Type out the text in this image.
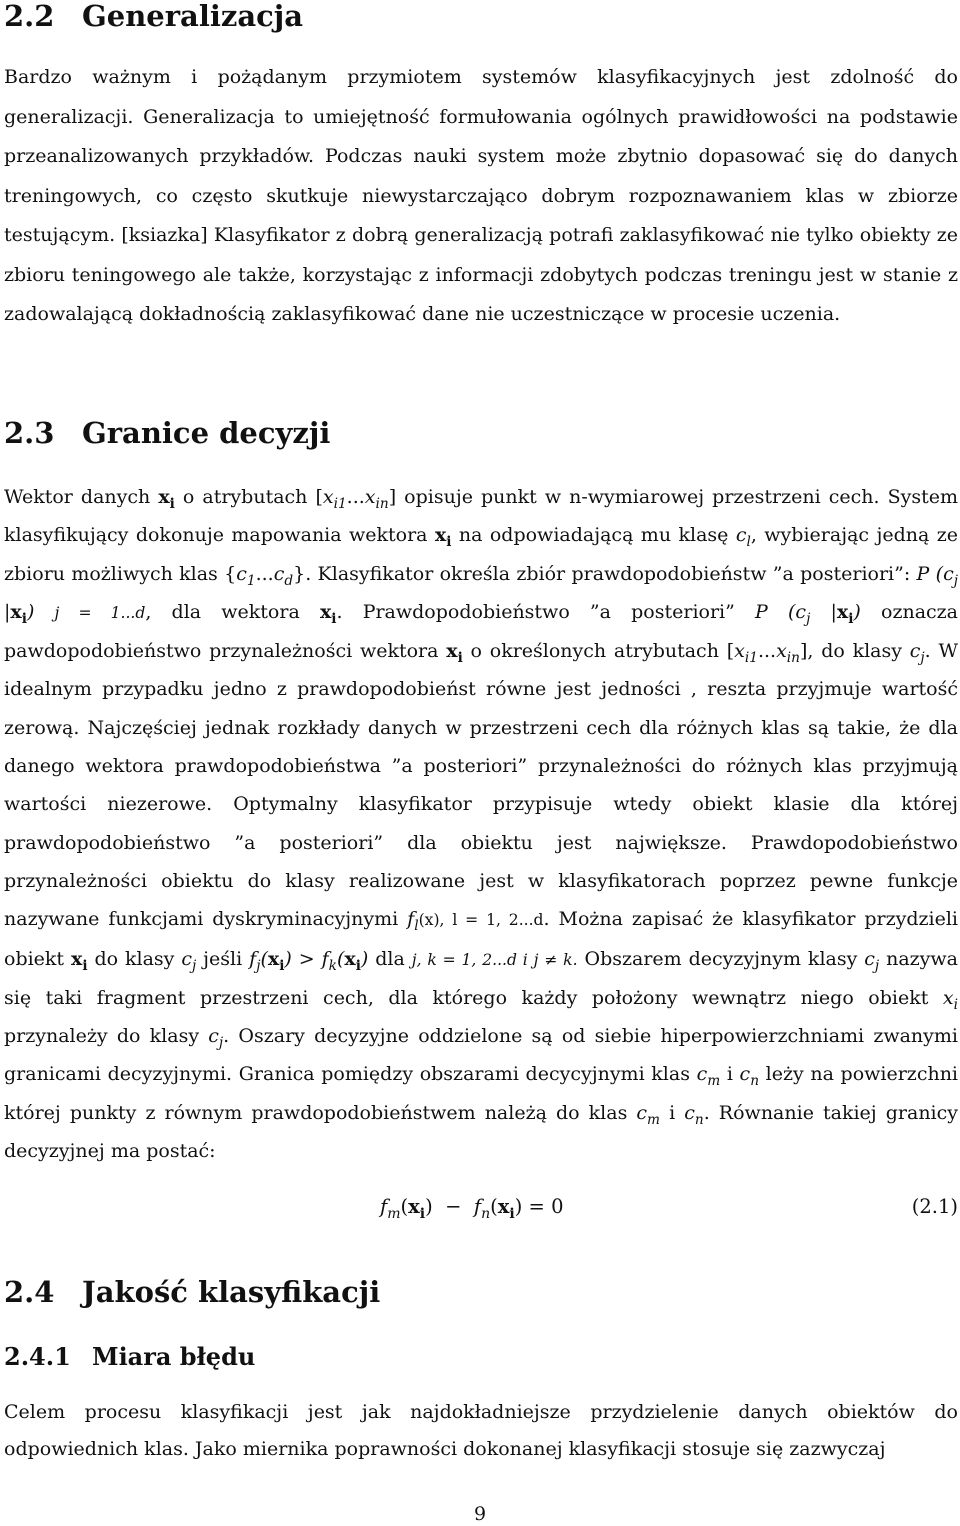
2.2 Generalizacja

Bardzo ważnym i pożądanym przymiotem systemów klasyfikacyjnych jest zdolność do generalizacji. Generalizacja to umiejętność formułowania ogólnych prawidłowości na podstawie przeanalizowanych przykładów. Podczas nauki system może zbytnio dopasować się do danych treningowych, co często skutkuje niewystarczająco dobrym rozpoznawaniem klas w zbiorze testującym. [ksiazka] Klasyfikator z dobrą generalizacją potrafi zaklasyfikować nie tylko obiekty ze zbioru teningowego ale także, korzystając z informacji zdobytych podczas treningu jest w stanie z zadowalającą dokładnością zaklasyfikować dane nie uczestniczące w procesie uczenia.

2.3 Granice decyzji

Wektor danych $x_i$ o atrybutach $[x_{i1}...x_{in}]$ opisuje punkt w n-wymiarowej przestrzeni cech. System klasyfikujący dokonuje mapowania wektora $x_i$ na odpowiadającą mu klasę $c_l$, wybierając jedną ze zbioru możliwych klas $\{c_1...c_d\}$. Klasyfikator określa zbiór prawdopodobieństw ”a posteriori”: P ($c_j$ $|x_i$) j = 1...d, dla wektora $x_i$. Prawdopodobieństwo ”a posteriori” P ($c_j$ $|x_i$) oznacza pawdopodobieństwo przynależności wektora $x_i$ o określonych atrybutach $[x_{i1}...x_{in}]$, do klasy $c_j$. W idealnym przypadku jedno z prawdopodobieńst równe jest jedności , reszta przyjmuje wartość zerową. Najczęściej jednak rozkłady danych w przestrzeni cech dla różnych klas są takie, że dla danego wektora prawdopodobieństwa ”a posteriori” przynależności do różnych klas przyjmują wartości niezerowe. Optymalny klasyfikator przypisuje wtedy obiekt klasie dla której prawdopodobieństwo ”a posteriori” dla obiektu jest największe. Prawdopodobieństwo przynależności obiektu do klasy realizowane jest w klasyfikatorach poprzez pewne funkcje nazywane funkcjami dyskryminacyjnymi $f_l(x)$, l = 1, 2...d. Można zapisać że klasyfikator przydzieli obiekt $x_i$ do klasy $c_j$ jeśli $f_j(x_i) > f_k(x_i)$ dla j, k = 1, 2...d i j ≠ k. Obszarem decyzyjnym klasy $c_j$ nazywa się taki fragment przestrzeni cech, dla którego każdy położony wewnątrz niego obiekt $x_i$ przynależy do klasy $c_j$. Oszary decyzyjne oddzielone są od siebie hiperpowierzchniami zwanymi granicami decyzyjnymi. Granica pomiędzy obszarami decycyjnymi klas $c_m$ i $c_n$ leży na powierzchni której punkty z równym prawdopodobieństwem należą do klas $c_m$ i $c_n$. Równanie takiej granicy decyzyjnej ma postać:

$f_m(x_i) - f_n(x_i) = 0$	(2.1)
2.4 Jakość klasyfikacji
2.4.1 Miara błędu

Celem procesu klasyfikacji jest jak najdokładniejsze przydzielenie danych obiektów do odpowiednich klas. Jako miernika poprawności dokonanej klasyfikacji stosuje się zazwyczaj

9
